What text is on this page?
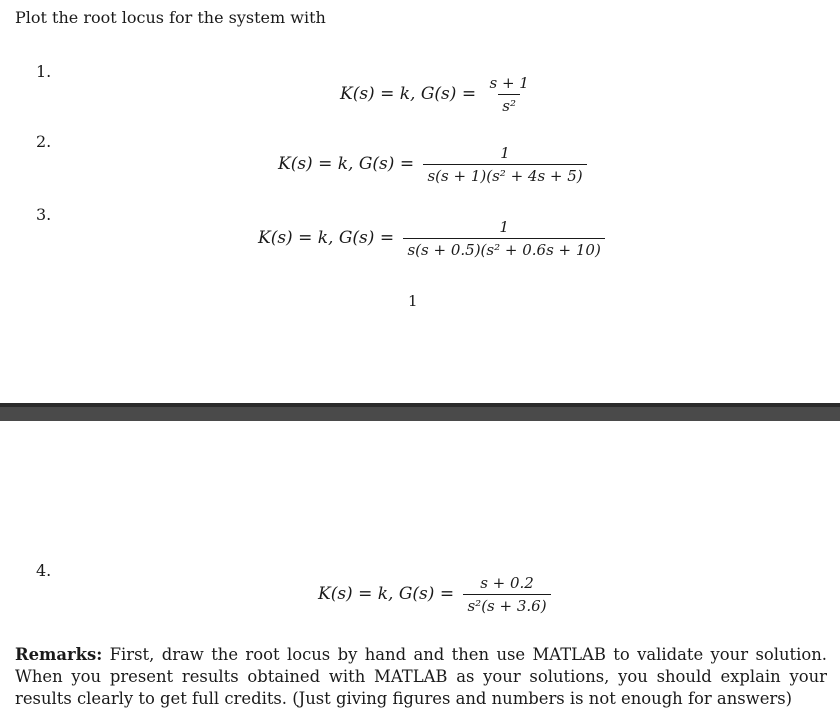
Plot the root locus for the system with
1.
K(s) = k, $G(s) = \frac{s + 1}{\text{s²}}$
2.
K(s) = k, $G(s) = \frac{1}{\text{s(s + 1)(s² + 4s + 5)}}$
3.
K(s) = k, $G(s) = \frac{1}{\text{s(s + 0.5)(s² + 0.6s + 10)}}$
1
4.
K(s) = k, $G(s) = \frac{s + 0.2}{\text{s²(s + 3.6)}}$
Remarks: First, draw the root locus by hand and then use MATLAB to validate your solution. When you present results obtained with MATLAB as your solutions, you should explain your results clearly to get full credits. (Just giving figures and numbers is not enough for answers)
